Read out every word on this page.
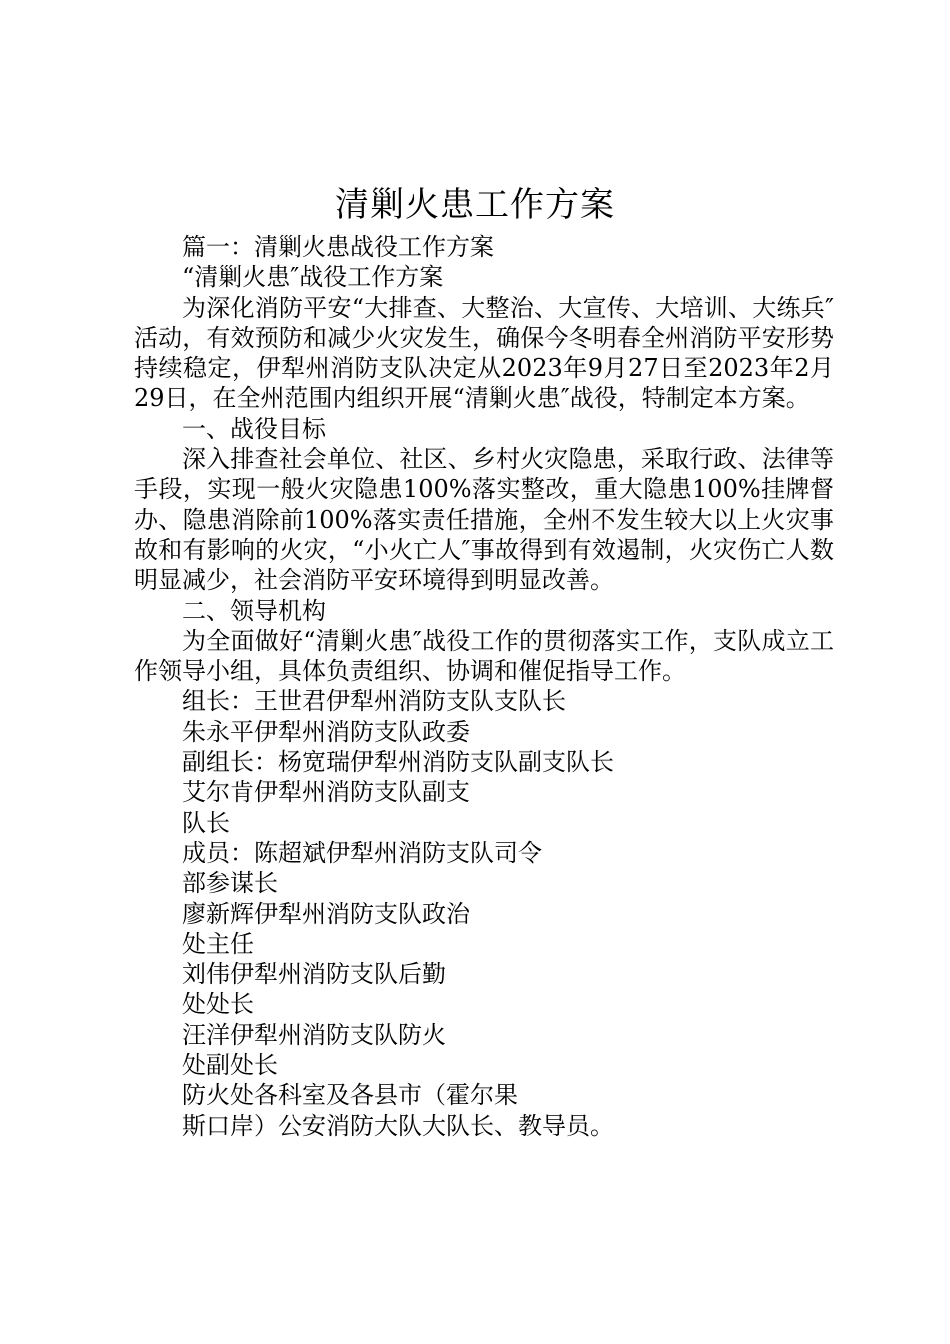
清剿火患工作方案

篇一：清剿火患战役工作方案

“清剿火患″战役工作方案

为深化消防平安“大排查、大整治、大宣传、大培训、大练兵″活动，有效预防和减少火灾发生，确保今冬明春全州消防平安形势持续稳定，伊犁州消防支队决定从2023年9月27日至2023年2月29日，在全州范围内组织开展“清剿火患″战役，特制定本方案。

一、战役目标

深入排查社会单位、社区、乡村火灾隐患，采取行政、法律等手段，实现一般火灾隐患100%落实整改，重大隐患100%挂牌督办、隐患消除前100%落实责任措施，全州不发生较大以上火灾事故和有影响的火灾，“小火亡人″事故得到有效遏制，火灾伤亡人数明显减少，社会消防平安环境得到明显改善。

二、领导机构

为全面做好“清剿火患″战役工作的贯彻落实工作，支队成立工作领导小组，具体负责组织、协调和催促指导工作。

组长：王世君伊犁州消防支队支队长

朱永平伊犁州消防支队政委

副组长：杨宽瑞伊犁州消防支队副支队长

艾尔肯伊犁州消防支队副支

队长

成员：陈超斌伊犁州消防支队司令

部参谋长

廖新辉伊犁州消防支队政治

处主任

刘伟伊犁州消防支队后勤

处处长

汪洋伊犁州消防支队防火

处副处长

防火处各科室及各县市（霍尔果

斯口岸）公安消防大队大队长、教导员。
